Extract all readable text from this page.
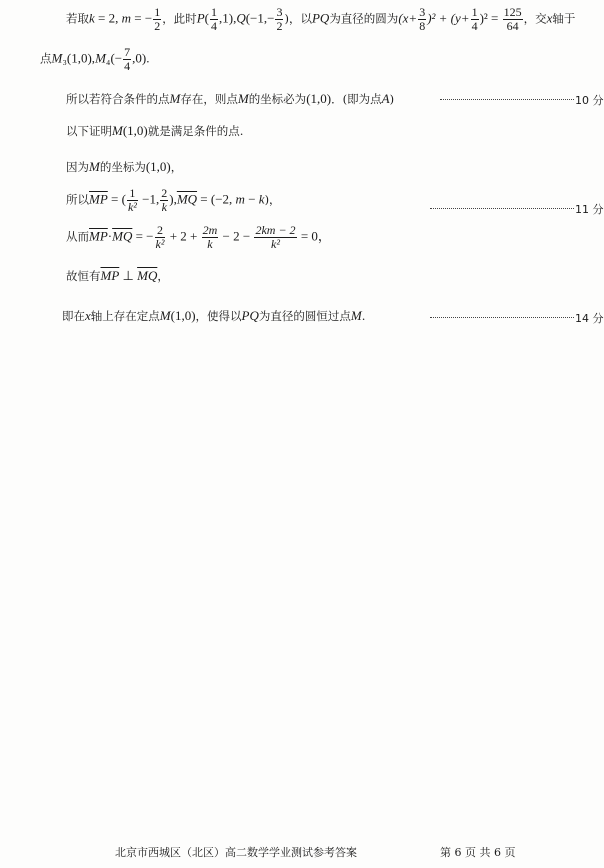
若取k = 2, m = − $\frac{1}{2}$ ，此时$P( \frac{1}{4} ,1),Q(-1,- \frac{3}{2}$ )，以PQ为直径的圆为$(x+ \frac{3}{8} )^2 + (y+ \frac{1}{4} )^2 = \frac{125}{64}$ ，交x轴于
点$M_3(1,0),M_4(- \frac{7}{4} ,0)$.
所以若符合条件的点M存在，则点M的坐标必为(1,0)．(即为点A)	10 分
以下证明M(1,0)就是满足条件的点.
因为M的坐标为(1,0)，
所以$\overline{MP}$ = ( $\frac{1}{\text{k²}} -1$, $\frac{2}{k} ),\overline{MQ} = (-2$, m − k)，
11 分
从而$\overline{MP}\cdot\overline{MQ}$ = − $\frac{2}{\text{k²}} + 2 + \frac{2m}{k} - 2 - \frac{2km - 2}{\text{k²}} = 0$，
故恒有$\overline{MP}$ ⊥ $\overline{MQ}$，
即在x轴上存在定点M(1,0)，使得以PQ为直径的圆恒过点M.	14 分
北京市西城区（北区）高二数学学业测试参考答案	第 6 页 共 6 页
